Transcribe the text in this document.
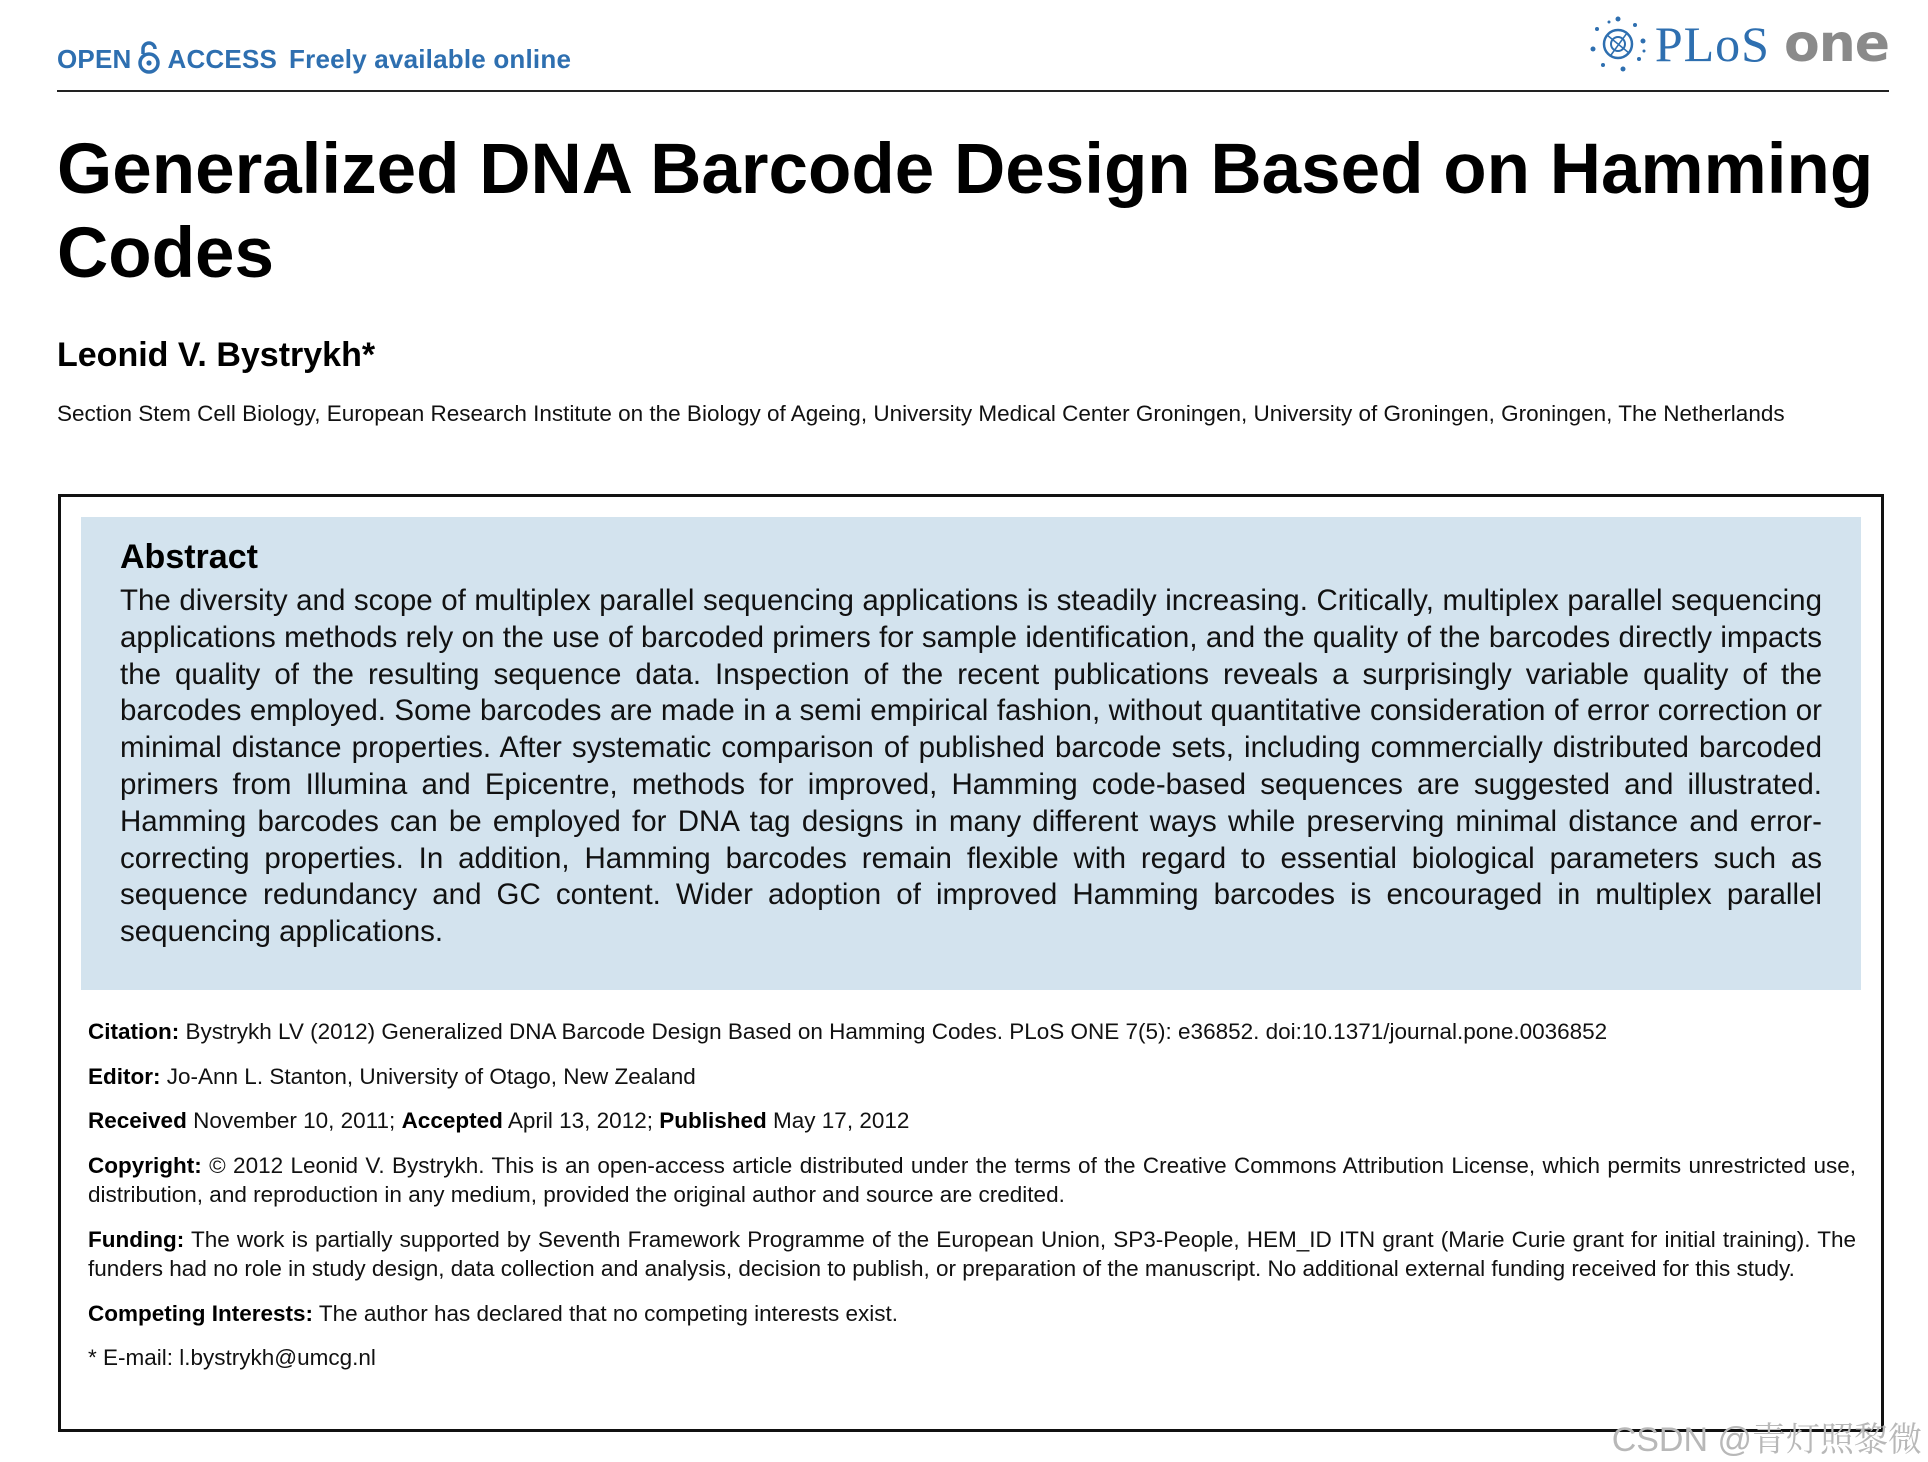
OPEN ACCESS Freely available online	PLoS one
Generalized DNA Barcode Design Based on Hamming Codes
Leonid V. Bystrykh*

Section Stem Cell Biology, European Research Institute on the Biology of Ageing, University Medical Center Groningen, University of Groningen, Groningen, The Netherlands

Abstract

The diversity and scope of multiplex parallel sequencing applications is steadily increasing. Critically, multiplex parallel sequencing applications methods rely on the use of barcoded primers for sample identification, and the quality of the barcodes directly impacts the quality of the resulting sequence data. Inspection of the recent publications reveals a surprisingly variable quality of the barcodes employed. Some barcodes are made in a semi empirical fashion, without quantitative consideration of error correction or minimal distance properties. After systematic comparison of published barcode sets, including commercially distributed barcoded primers from Illumina and Epicentre, methods for improved, Hamming code-based sequences are suggested and illustrated. Hamming barcodes can be employed for DNA tag designs in many different ways while preserving minimal distance and error-correcting properties. In addition, Hamming barcodes remain flexible with regard to essential biological parameters such as sequence redundancy and GC content. Wider adoption of improved Hamming barcodes is encouraged in multiplex parallel sequencing applications.

Citation: Bystrykh LV (2012) Generalized DNA Barcode Design Based on Hamming Codes. PLoS ONE 7(5): e36852. doi:10.1371/journal.pone.0036852

Editor: Jo-Ann L. Stanton, University of Otago, New Zealand

Received November 10, 2011; Accepted April 13, 2012; Published May 17, 2012

Copyright: © 2012 Leonid V. Bystrykh. This is an open-access article distributed under the terms of the Creative Commons Attribution License, which permits unrestricted use, distribution, and reproduction in any medium, provided the original author and source are credited.

Funding: The work is partially supported by Seventh Framework Programme of the European Union, SP3-People, HEM_ID ITN grant (Marie Curie grant for initial training). The funders had no role in study design, data collection and analysis, decision to publish, or preparation of the manuscript. No additional external funding received for this study.

Competing Interests: The author has declared that no competing interests exist.

* E-mail: l.bystrykh@umcg.nl

CSDN @青灯照黎微
